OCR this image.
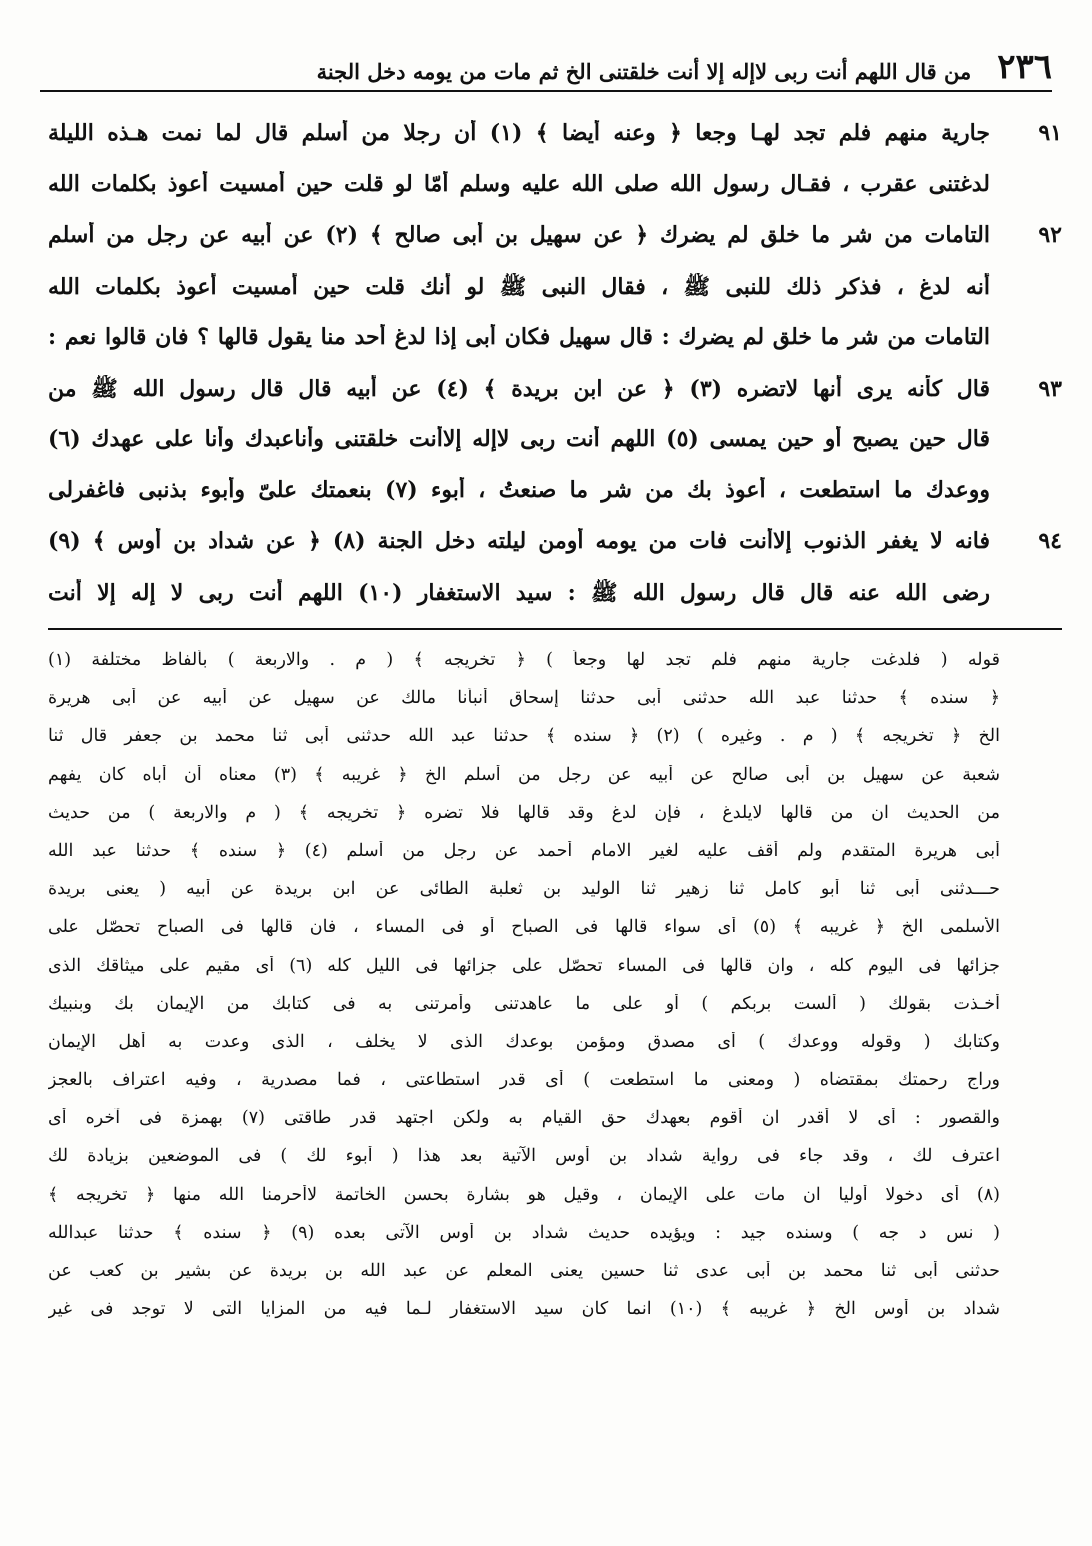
٢٣٦
من قال اللهم أنت ربى لاإله إلا أنت خلقتنى الخ ثم مات من يومه دخل الجنة
٩١
جارية منهم فلم تجد لهـا وجعا ﴿ وعنه أيضا ﴾ (١) أن رجلا من أسلم قال لما نمت هـذه الليلة
لدغتنى عقرب ، فقـال رسول الله صلى الله عليه وسلم أمّا لو قلت حين أمسيت أعوذ بكلمات الله
٩٢
التامات من شر ما خلق لم يضرك ﴿ عن سهيل بن أبى صالح ﴾ (٢) عن أبيه عن رجل من أسلم
أنه لدغ ، فذكر ذلك للنبى ﷺ ، فقال النبى ﷺ لو أنك قلت حين أمسيت أعوذ بكلمات الله
التامات من شر ما خلق لم يضرك : قال سهيل فكان أبى إذا لدغ أحد منا يقول قالها ؟ فان قالوا نعم :
٩٣
قال كأنه يرى أنها لاتضره (٣) ﴿ عن ابن بريدة ﴾ (٤) عن أبيه قال قال رسول الله ﷺ من
قال حين يصبح أو حين يمسى (٥) اللهم أنت ربى لاإله إلاأنت خلقتنى وأناعبدك وأنا على عهدك (٦)
ووعدك ما استطعت ، أعوذ بك من شر ما صنعتُ ، أبوء (٧) بنعمتك علىّ وأبوء بذنبى فاغفرلى
٩٤
فانه لا يغفر الذنوب إلاأنت فات من يومه أومن ليلته دخل الجنة (٨) ﴿ عن شداد بن أوس ﴾ (٩)
رضى الله عنه قال قال رسول الله ﷺ : سيد الاستغفار (١٠) اللهم أنت ربى لا إله إلا أنت
قوله ( فلدغت جارية منهم فلم تجد لها وجعاً ) ﴿ تخريجه ﴾ ( م . والاربعة ) بألفاظ مختلفة (١)
﴿ سنده ﴾ حدثنا عبد الله حدثنى أبى حدثنا إسحاق أنبأنا مالك عن سهيل عن أبيه عن أبى هريرة
الخ ﴿ تخريجه ﴾ ( م . وغيره ) (٢) ﴿ سنده ﴾ حدثنا عبد الله حدثنى أبى ثنا محمد بن جعفر قال ثنا
شعبة عن سهيل بن أبى صالح عن أبيه عن رجل من أسلم الخ ﴿ غريبه ﴾ (٣) معناه أن أباه كان يفهم
من الحديث ان من قالها لايلدغ ، فإن لدغ وقد قالها فلا تضره ﴿ تخريجه ﴾ ( م والاربعة ) من حديث
أبى هريرة المتقدم ولم أقف عليه لغير الامام أحمد عن رجل من أسلم (٤) ﴿ سنده ﴾ حدثنا عبد الله
حـــدثنى أبى ثنا أبو كامل ثنا زهير ثنا الوليد بن ثعلبة الطائى عن ابن بريدة عن أبيه ( يعنى بريدة
الأسلمى الخ ﴿ غريبه ﴾ (٥) أى سواء قالها فى الصباح أو فى المساء ، فان قالها فى الصباح تحصّل على
جزائها فى اليوم كله ، وان قالها فى المساء تحصّل على جزائها فى الليل كله (٦) أى مقيم على ميثاقك الذى
أخـذت بقولك ( ألست بربكم ) أو على ما عاهدتنى وأمرتنى به فى كتابك من الإيمان بك وبنبيك
وكتابك ( وقوله ووعدك ) أى مصدق ومؤمن بوعدك الذى لا يخلف ، الذى وعدت به أهل الإيمان
وراج رحمتك بمقتضاه ( ومعنى ما استطعت ) أى قدر استطاعتى ، فما مصدرية ، وفيه اعتراف بالعجز
والقصور : أى لا أقدر ان أقوم بعهدك حق القيام به ولكن اجتهد قدر طاقتى (٧) بهمزة فى آخره أى
اعترف لك ، وقد جاء فى رواية شداد بن أوس الآتية بعد هذا ( أبوء لك ) فى الموضعين بزيادة لك
(٨) أى دخولا أوليا ان مات على الإيمان ، وقيل هو بشارة بحسن الخاتمة لاأحرمنا الله منها ﴿ تخريجه ﴾
( نس د جه ) وسنده جيد : ويؤيده حديث شداد بن أوس الآتى بعده (٩) ﴿ سنده ﴾ حدثنا عبدالله
حدثنى أبى ثنا محمد بن أبى عدى ثنا حسين يعنى المعلم عن عبد الله بن بريدة عن بشير بن كعب عن
شداد بن أوس الخ ﴿ غريبه ﴾ (١٠) انما كان سيد الاستغفار لـما فيه من المزايا التى لا توجد فى غير
